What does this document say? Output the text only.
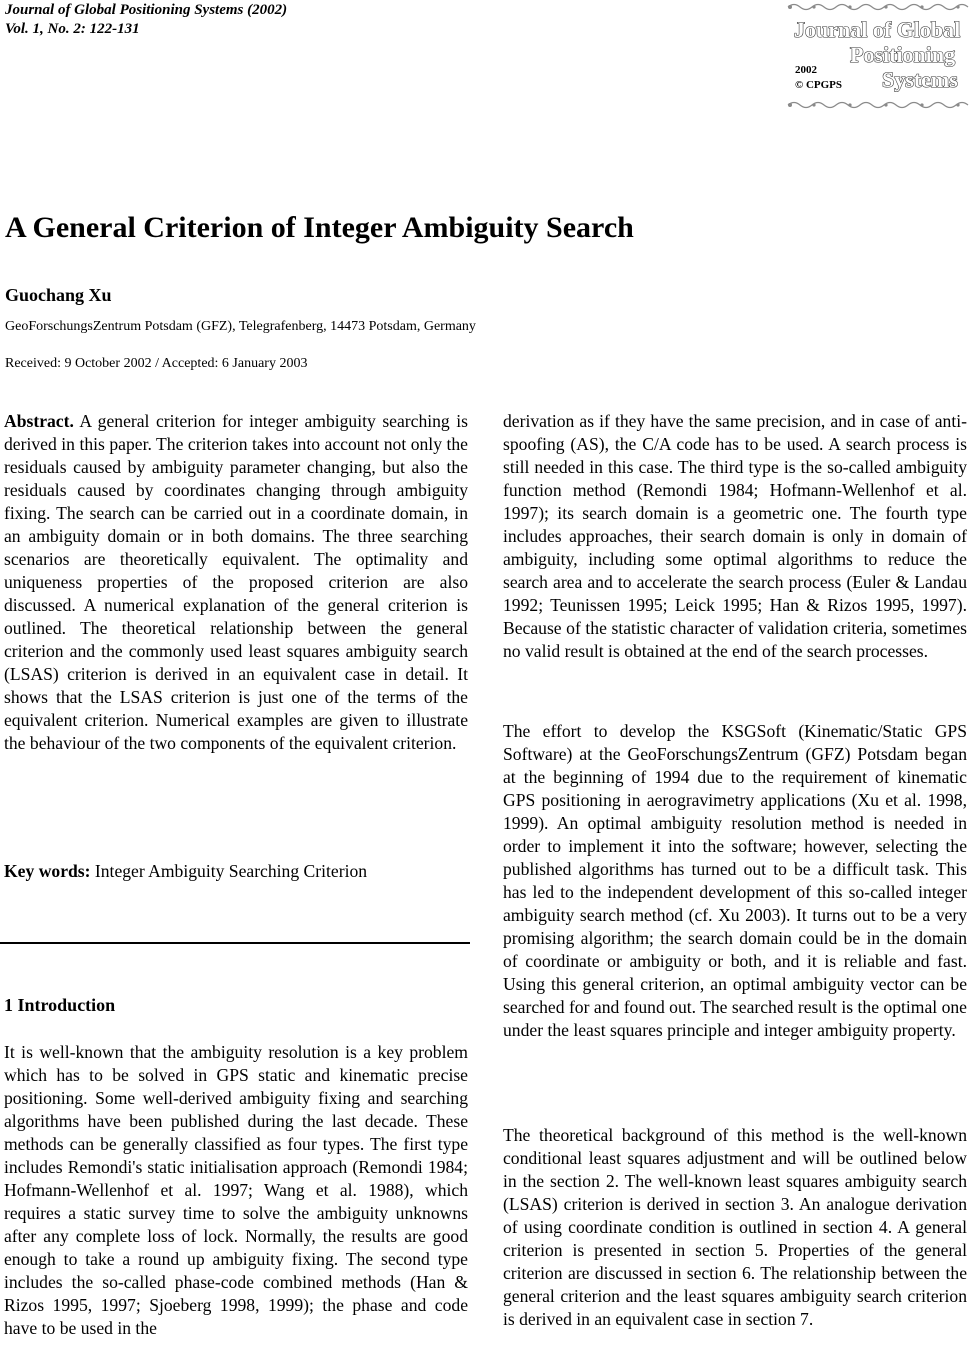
Journal of Global Positioning Systems (2002)
Vol. 1, No. 2: 122-131	Journal of Global
Positioning
Systems
2002
© CPGPS
A General Criterion of Integer Ambiguity Search
Guochang Xu
GeoForschungsZentrum Potsdam (GFZ), Telegrafenberg, 14473 Potsdam, Germany
Received: 9 October 2002 / Accepted: 6 January 2003

Abstract. A general criterion for integer ambiguity searching is derived in this paper. The criterion takes into account not only the residuals caused by ambiguity parameter changing, but also the residuals caused by coordinates changing through ambiguity fixing. The search can be carried out in a coordinate domain, in an ambiguity domain or in both domains. The three searching scenarios are theoretically equivalent. The optimality and uniqueness properties of the proposed criterion are also discussed. A numerical explanation of the general criterion is outlined. The theoretical relationship between the general criterion and the commonly used least squares ambiguity search (LSAS) criterion is derived in an equivalent case in detail. It shows that the LSAS criterion is just one of the terms of the equivalent criterion. Numerical examples are given to illustrate the behaviour of the two components of the equivalent criterion.

Key words: Integer Ambiguity Searching Criterion

1 Introduction

It is well-known that the ambiguity resolution is a key problem which has to be solved in GPS static and kinematic precise positioning. Some well-derived ambiguity fixing and searching algorithms have been published during the last decade. These methods can be generally classified as four types. The first type includes Remondi's static initialisation approach (Remondi 1984; Hofmann-Wellenhof et al. 1997; Wang et al. 1988), which requires a static survey time to solve the ambiguity unknowns after any complete loss of lock. Normally, the results are good enough to take a round up ambiguity fixing. The second type includes the so-called phase-code combined methods (Han & Rizos 1995, 1997; Sjoeberg 1998, 1999); the phase and code have to be used in the

derivation as if they have the same precision, and in case of anti-spoofing (AS), the C/A code has to be used. A search process is still needed in this case. The third type is the so-called ambiguity function method (Remondi 1984; Hofmann-Wellenhof et al. 1997); its search domain is a geometric one. The fourth type includes approaches, their search domain is only in domain of ambiguity, including some optimal algorithms to reduce the search area and to accelerate the search process (Euler & Landau 1992; Teunissen 1995; Leick 1995; Han & Rizos 1995, 1997). Because of the statistic character of validation criteria, sometimes no valid result is obtained at the end of the search processes.

The effort to develop the KSGSoft (Kinematic/Static GPS Software) at the GeoForschungsZentrum (GFZ) Potsdam began at the beginning of 1994 due to the requirement of kinematic GPS positioning in aerogravimetry applications (Xu et al. 1998, 1999). An optimal ambiguity resolution method is needed in order to implement it into the software; however, selecting the published algorithms has turned out to be a difficult task. This has led to the independent development of this so-called integer ambiguity search method (cf. Xu 2003). It turns out to be a very promising algorithm; the search domain could be in the domain of coordinate or ambiguity or both, and it is reliable and fast. Using this general criterion, an optimal ambiguity vector can be searched for and found out. The searched result is the optimal one under the least squares principle and integer ambiguity property.

The theoretical background of this method is the well-known conditional least squares adjustment and will be outlined below in the section 2. The well-known least squares ambiguity search (LSAS) criterion is derived in section 3. An analogue derivation of using coordinate condition is outlined in section 4. A general criterion is presented in section 5. Properties of the general criterion are discussed in section 6. The relationship between the general criterion and the least squares ambiguity search criterion is derived in an equivalent case in section 7.
